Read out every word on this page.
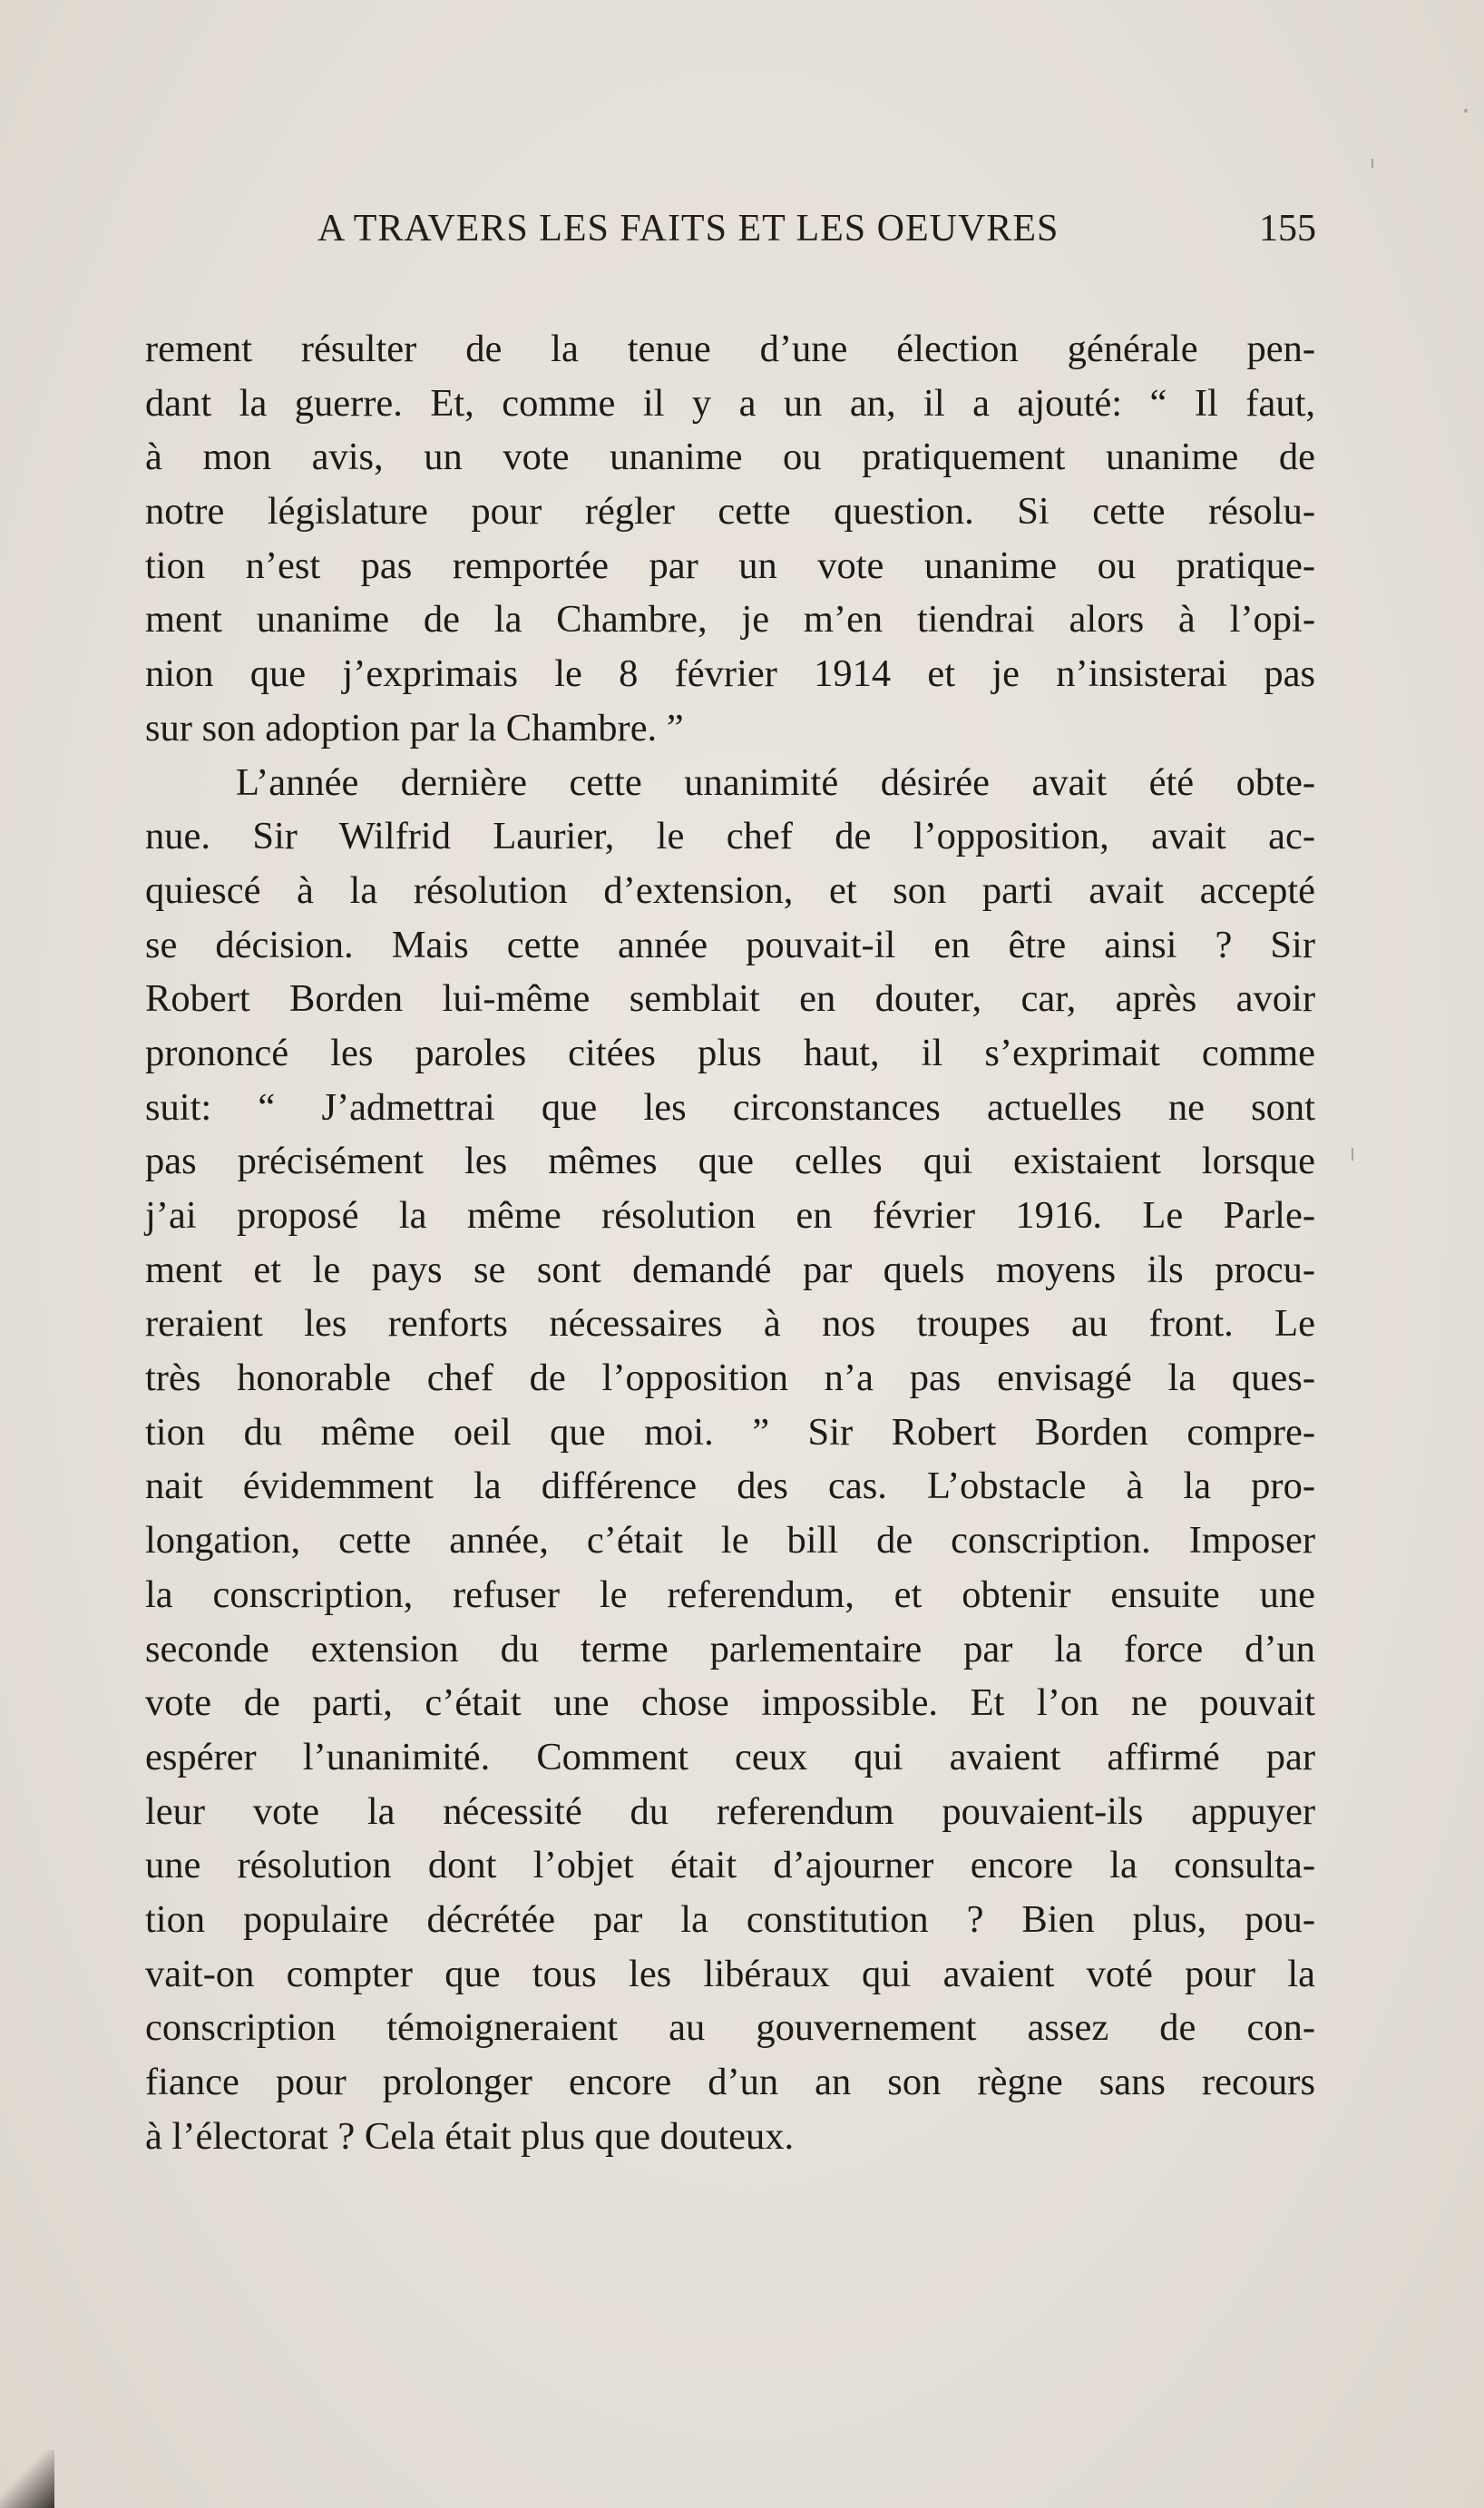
A TRAVERS LES FAITS ET LES OEUVRES	155
rement résulter de la tenue d’une élection générale pen-
dant la guerre. Et, comme il y a un an, il a ajouté: “ Il faut,
à mon avis, un vote unanime ou pratiquement unanime de
notre législature pour régler cette question. Si cette résolu-
tion n’est pas remportée par un vote unanime ou pratique-
ment unanime de la Chambre, je m’en tiendrai alors à l’opi-
nion que j’exprimais le 8 février 1914 et je n’insisterai pas
sur son adoption par la Chambre. ”
L’année dernière cette unanimité désirée avait été obte-
nue. Sir Wilfrid Laurier, le chef de l’opposition, avait ac-
quiescé à la résolution d’extension, et son parti avait accepté
se décision. Mais cette année pouvait-il en être ainsi ? Sir
Robert Borden lui-même semblait en douter, car, après avoir
prononcé les paroles citées plus haut, il s’exprimait comme
suit: “ J’admettrai que les circonstances actuelles ne sont
pas précisément les mêmes que celles qui existaient lorsque
j’ai proposé la même résolution en février 1916. Le Parle-
ment et le pays se sont demandé par quels moyens ils procu-
reraient les renforts nécessaires à nos troupes au front. Le
très honorable chef de l’opposition n’a pas envisagé la ques-
tion du même oeil que moi. ” Sir Robert Borden compre-
nait évidemment la différence des cas. L’obstacle à la pro-
longation, cette année, c’était le bill de conscription. Imposer
la conscription, refuser le referendum, et obtenir ensuite une
seconde extension du terme parlementaire par la force d’un
vote de parti, c’était une chose impossible. Et l’on ne pouvait
espérer l’unanimité. Comment ceux qui avaient affirmé par
leur vote la nécessité du referendum pouvaient-ils appuyer
une résolution dont l’objet était d’ajourner encore la consulta-
tion populaire décrétée par la constitution ? Bien plus, pou-
vait-on compter que tous les libéraux qui avaient voté pour la
conscription témoigneraient au gouvernement assez de con-
fiance pour prolonger encore d’un an son règne sans recours
à l’électorat ? Cela était plus que douteux.
